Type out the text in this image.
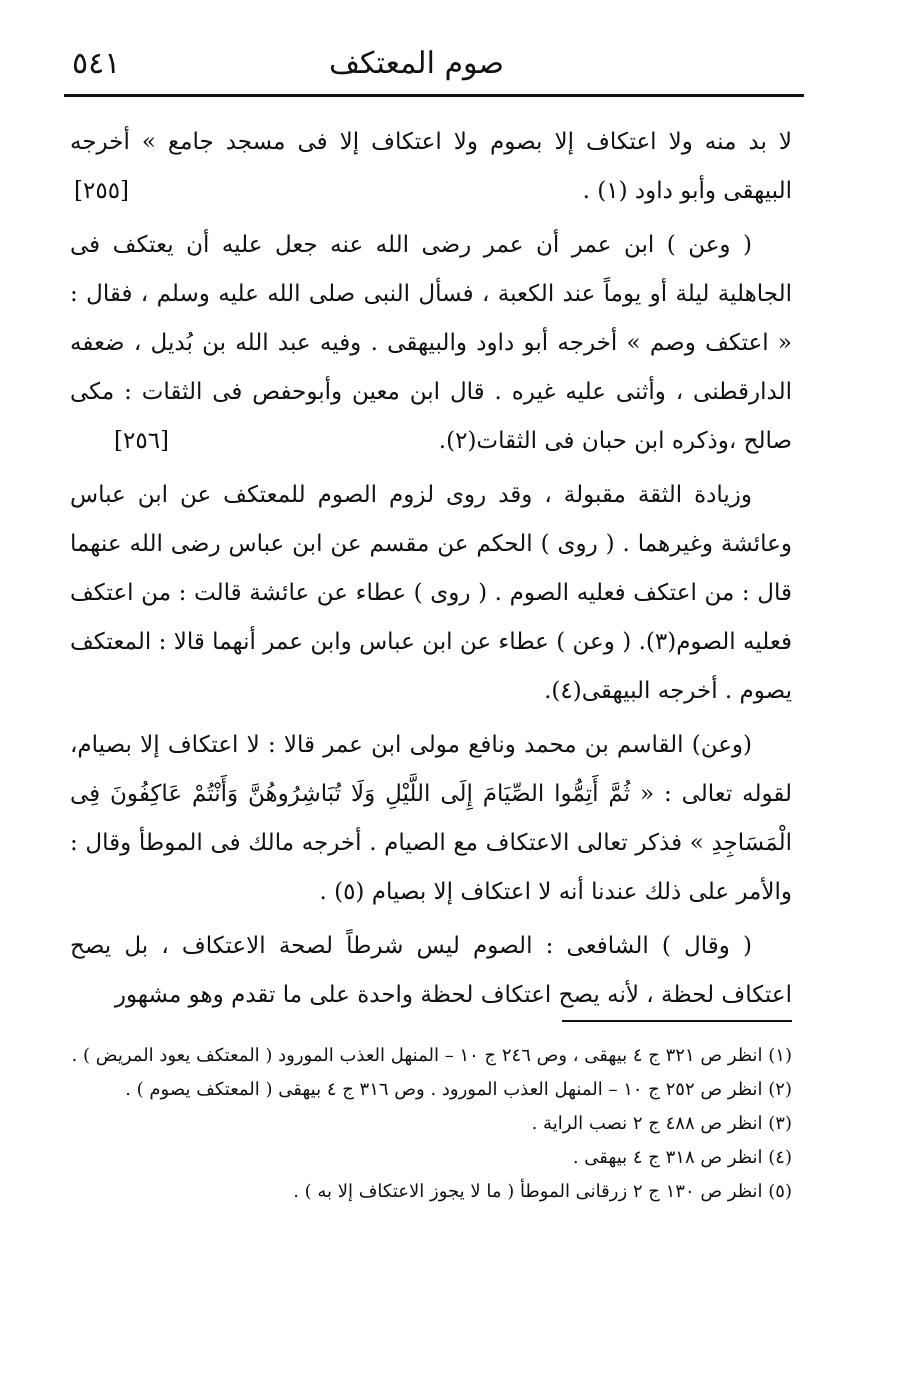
صوم المعتكف
٥٤١

لا بد منه ولا اعتكاف إلا بصوم ولا اعتكاف إلا فى مسجد جامع » أخرجه البيهقى وأبو داود (١) .
[٢٥٥]

( وعن ) ابن عمر أن عمر رضى الله عنه جعل عليه أن يعتكف فى الجاهلية ليلة أو يوماً عند الكعبة ، فسأل النبى صلى الله عليه وسلم ، فقال : « اعتكف وصم » أخرجه أبو داود والبيهقى . وفيه عبد الله بن بُديل ، ضعفه الدارقطنى ، وأثنى عليه غيره . قال ابن معين وأبوحفص فى الثقات : مكى صالح ،وذكره ابن حبان فى الثقات(٢).
[٢٥٦]

وزيادة الثقة مقبولة ، وقد روى لزوم الصوم للمعتكف عن ابن عباس وعائشة وغيرهما . ( روى ) الحكم عن مقسم عن ابن عباس رضى الله عنهما قال : من اعتكف فعليه الصوم . ( روى ) عطاء عن عائشة قالت : من اعتكف فعليه الصوم(٣). ( وعن ) عطاء عن ابن عباس وابن عمر أنهما قالا : المعتكف يصوم . أخرجه البيهقى(٤).

(وعن) القاسم بن محمد ونافع مولى ابن عمر قالا : لا اعتكاف إلا بصيام، لقوله تعالى : « ثُمَّ أَتِمُّوا الصِّيَامَ إِلَى اللَّيْلِ وَلَا تُبَاشِرُوهُنَّ وَأَنْتُمْ عَاكِفُونَ فِى الْمَسَاجِدِ » فذكر تعالى الاعتكاف مع الصيام . أخرجه مالك فى الموطأ وقال : والأمر على ذلك عندنا أنه لا اعتكاف إلا بصيام (٥) .

( وقال ) الشافعى : الصوم ليس شرطاً لصحة الاعتكاف ، بل يصح اعتكاف لحظة ، لأنه يصح اعتكاف لحظة واحدة على ما تقدم وهو مشهور

(١) انظر ص ٣٢١ ج ٤ بيهقى ، وص ٢٤٦ ج ١٠ – المنهل العذب المورود ( المعتكف يعود المريض ) .

(٢) انظر ص ٢٥٢ ج ١٠ – المنهل العذب المورود . وص ٣١٦ ج ٤ بيهقى ( المعتكف يصوم ) .

(٣) انظر ص ٤٨٨ ج ٢ نصب الراية .

(٤) انظر ص ٣١٨ ج ٤ بيهقى .

(٥) انظر ص ١٣٠ ج ٢ زرقانى الموطأ ( ما لا يجوز الاعتكاف إلا به ) .
